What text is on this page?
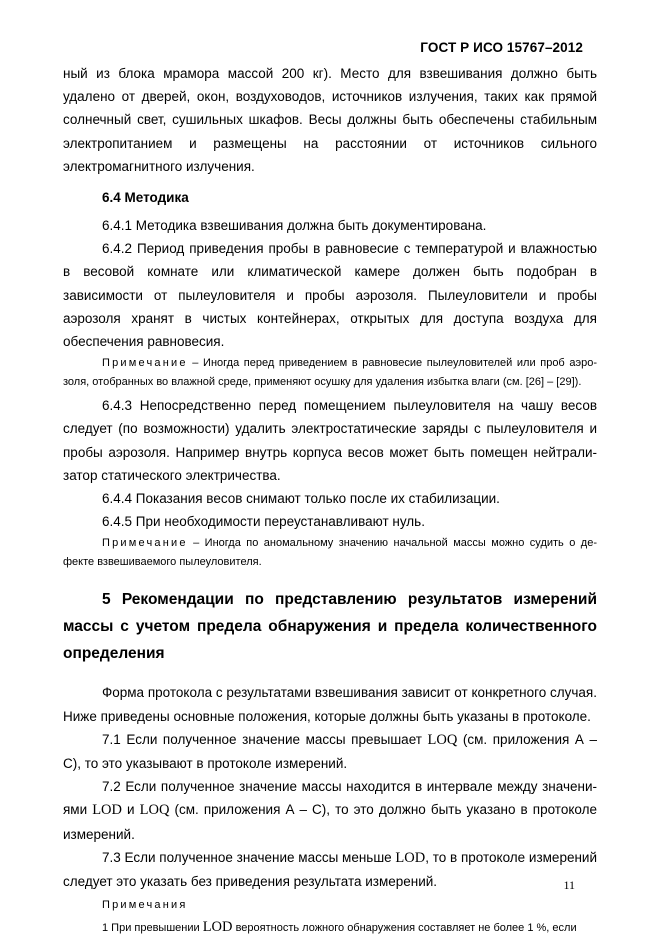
ГОСТ Р ИСО 15767–2012

ный из блока мрамора массой 200 кг). Место для взвешивания должно быть удалено от дверей, окон, воздуховодов, источников излучения, таких как прямой солнечный свет, сушильных шкафов. Весы должны быть обеспечены стабильным электропитанием и размещены на расстоянии от источников сильного электромагнитного излучения.

6.4 Методика

6.4.1 Методика взвешивания должна быть документирована.

6.4.2 Период приведения пробы в равновесие с температурой и влажностью в весовой комнате или климатической камере должен быть подобран в зависимости от пылеуловителя и пробы аэрозоля. Пылеуловители и пробы аэрозоля хранят в чистых контейнерах, открытых для доступа воздуха для обеспечения равновесия.

Примечание – Иногда перед приведением в равновесие пылеуловителей или проб аэрозоля, отобранных во влажной среде, применяют осушку для удаления избытка влаги (см. [26] – [29]).

6.4.3 Непосредственно перед помещением пылеуловителя на чашу весов следует (по возможности) удалить электростатические заряды с пылеуловителя и пробы аэрозоля. Например внутрь корпуса весов может быть помещен нейтрализатор статического электричества.

6.4.4 Показания весов снимают только после их стабилизации.

6.4.5 При необходимости переустанавливают нуль.

Примечание – Иногда по аномальному значению начальной массы можно судить о дефекте взвешиваемого пылеуловителя.

5 Рекомендации по представлению результатов измерений массы с учетом предела обнаружения и предела количественного определения

Форма протокола с результатами взвешивания зависит от конкретного случая. Ниже приведены основные положения, которые должны быть указаны в протоколе.

7.1 Если полученное значение массы превышает LOQ (см. приложения А – С), то это указывают в протоколе измерений.

7.2 Если полученное значение массы находится в интервале между значениями LOD и LOQ (см. приложения А – С), то это должно быть указано в протоколе измерений.

7.3 Если полученное значение массы меньше LOD, то в протоколе измерений следует это указать без приведения результата измерений.

Примечания

1 При превышении LOD вероятность ложного обнаружения составляет не более 1 %, если

11
